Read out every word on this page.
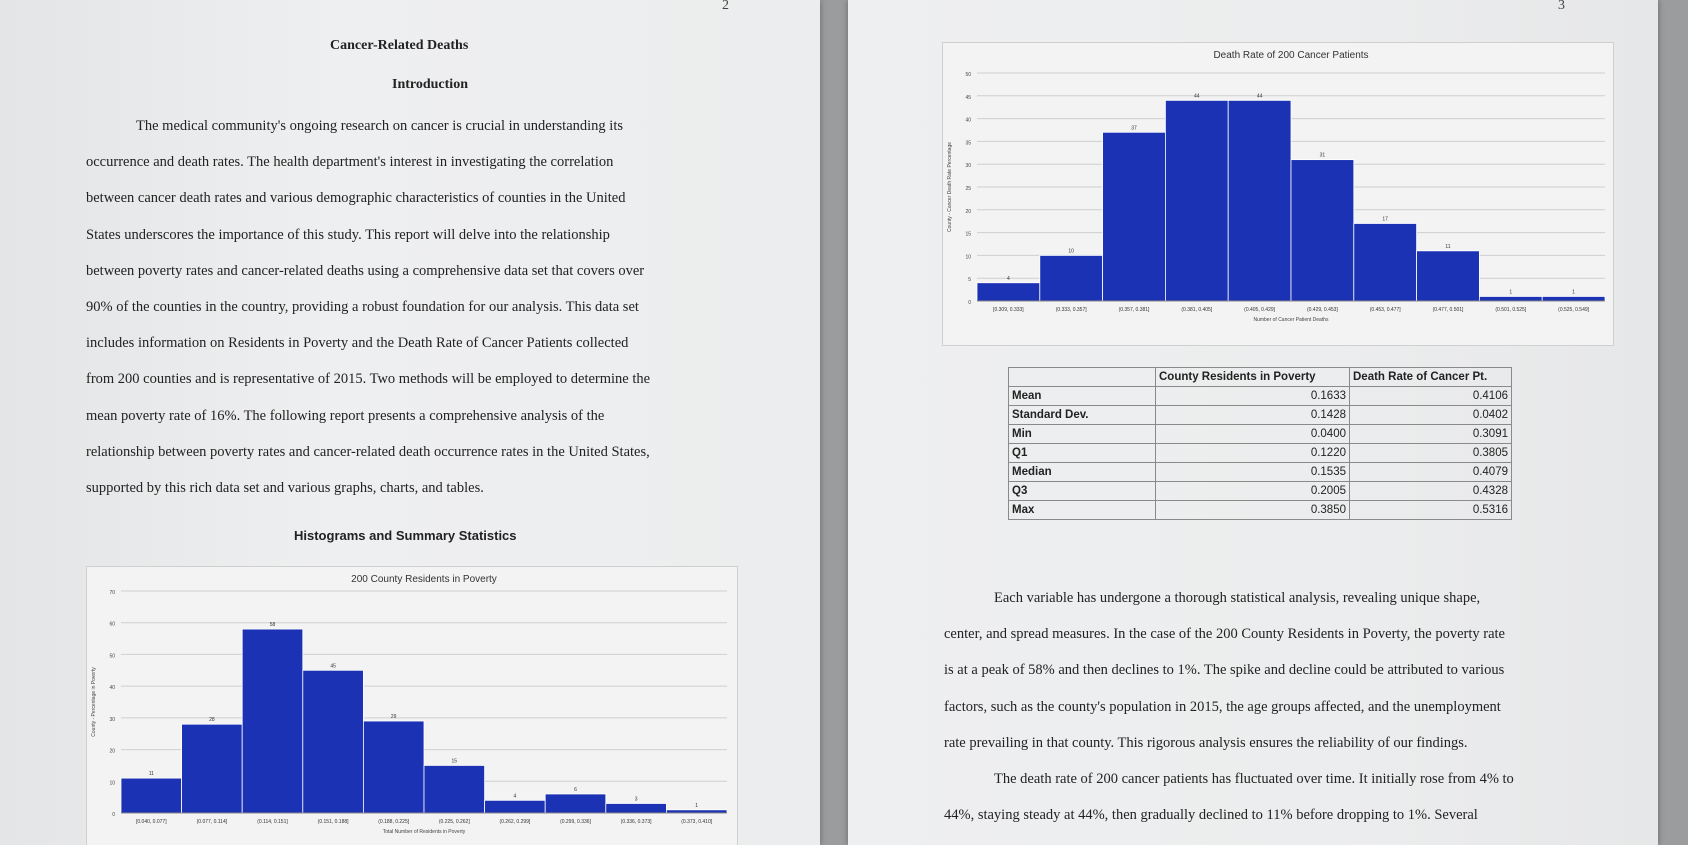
2
Cancer-Related Deaths
Introduction

The medical community's ongoing research on cancer is crucial in understanding its

occurrence and death rates. The health department's interest in investigating the correlation

between cancer death rates and various demographic characteristics of counties in the United

States underscores the importance of this study. This report will delve into the relationship

between poverty rates and cancer-related deaths using a comprehensive data set that covers over

90% of the counties in the country, providing a robust foundation for our analysis. This data set

includes information on Residents in Poverty and the Death Rate of Cancer Patients collected

from 200 counties and is representative of 2015. Two methods will be employed to determine the

mean poverty rate of 16%. The following report presents a comprehensive analysis of the

relationship between poverty rates and cancer-related death occurrence rates in the United States,

supported by this rich data set and various graphs, charts, and tables.

Histograms and Summary Statistics
200 County Residents in Poverty
0
10
20
30
40
50
60
70
11
[0.040, 0.077]
28
(0.077, 0.114]
58
(0.114, 0.151]
45
(0.151, 0.188]
29
(0.188, 0.225]
15
(0.225, 0.262]
4
(0.262, 0.299]
6
(0.299, 0.336]
3
(0.336, 0.373]
1
(0.373, 0.410]
Total Number of Residents in Poverty
County - Percentage in Poverty
3
Death Rate of 200 Cancer Patients
0
5
10
15
20
25
30
35
40
45
50
4
[0.309, 0.333]
10
(0.333, 0.357]
37
(0.357, 0.381]
44
(0.381, 0.405]
44
(0.405, 0.429]
31
(0.429, 0.453]
17
(0.453, 0.477]
11
(0.477, 0.501]
1
(0.501, 0.525]
1
(0.525, 0.549]
Number of Cancer Patient Deaths
County - Cancer Death Rate Percentage
	County Residents in Poverty	Death Rate of Cancer Pt.
Mean	0.1633	0.4106
Standard Dev.	0.1428	0.0402
Min	0.0400	0.3091
Q1	0.1220	0.3805
Median	0.1535	0.4079
Q3	0.2005	0.4328
Max	0.3850	0.5316

Each variable has undergone a thorough statistical analysis, revealing unique shape,

center, and spread measures. In the case of the 200 County Residents in Poverty, the poverty rate

is at a peak of 58% and then declines to 1%. The spike and decline could be attributed to various

factors, such as the county's population in 2015, the age groups affected, and the unemployment

rate prevailing in that county. This rigorous analysis ensures the reliability of our findings.

The death rate of 200 cancer patients has fluctuated over time. It initially rose from 4% to

44%, staying steady at 44%, then gradually declined to 11% before dropping to 1%. Several
